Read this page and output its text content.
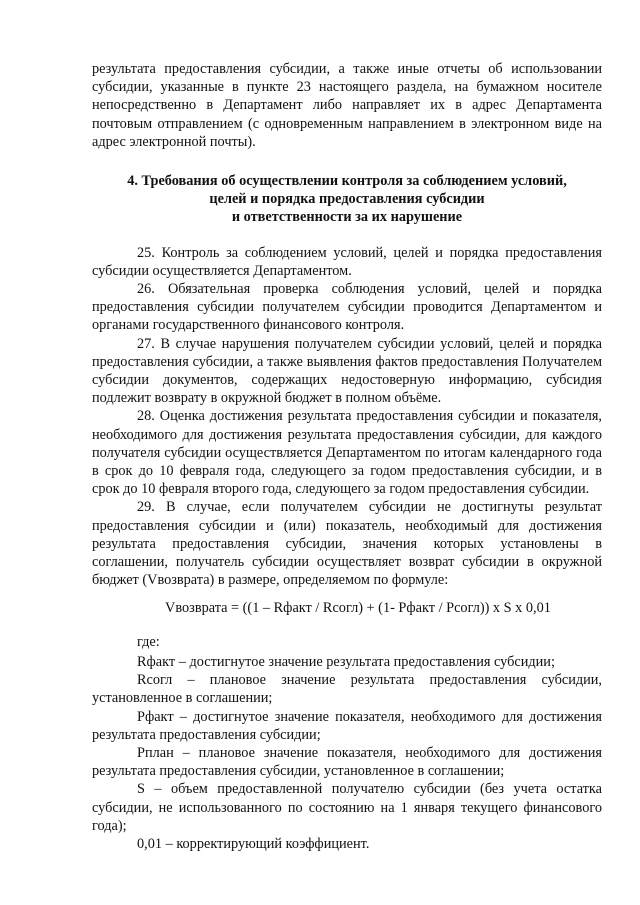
результата предоставления субсидии, а также иные отчеты об использовании субсидии, указанные в пункте 23 настоящего раздела, на бумажном носителе непосредственно в Департамент либо направляет их в адрес Департамента почтовым отправлением (с одновременным направлением в электронном виде на адрес электронной почты).

4. Требования об осуществлении контроля за соблюдением условий,
целей и порядка предоставления субсидии
и ответственности за их нарушение

25. Контроль за соблюдением условий, целей и порядка предоставления субсидии осуществляется Департаментом.

26. Обязательная проверка соблюдения условий, целей и порядка предоставления субсидии получателем субсидии проводится Департаментом и органами государственного финансового контроля.

27. В случае нарушения получателем субсидии условий, целей и порядка предоставления субсидии, а также выявления фактов предоставления Получателем субсидии документов, содержащих недостоверную информацию, субсидия подлежит возврату в окружной бюджет в полном объёме.

28. Оценка достижения результата предоставления субсидии и показателя, необходимого для достижения результата предоставления субсидии, для каждого получателя субсидии осуществляется Департаментом по итогам календарного года в срок до 10 февраля года, следующего за годом предоставления субсидии, и в срок до 10 февраля второго года, следующего за годом предоставления субсидии.

29. В случае, если получателем субсидии не достигнуты результат предоставления субсидии и (или) показатель, необходимый для достижения результата предоставления субсидии, значения которых установлены в соглашении, получатель субсидии осуществляет возврат субсидии в окружной бюджет (Vвозврата) в размере, определяемом по формуле:

Vвозврата = ((1 – Rфакт / Rсогл) + (1- Рфакт / Рсогл)) х S х 0,01

где:

Rфакт – достигнутое значение результата предоставления субсидии;

Rсогл – плановое значение результата предоставления субсидии, установленное в соглашении;

Рфакт – достигнутое значение показателя, необходимого для достижения результата предоставления субсидии;

Рплан – плановое значение показателя, необходимого для достижения результата предоставления субсидии, установленное в соглашении;

S – объем предоставленной получателю субсидии (без учета остатка субсидии, не использованного по состоянию на 1 января текущего финансового года);

0,01 – корректирующий коэффициент.
